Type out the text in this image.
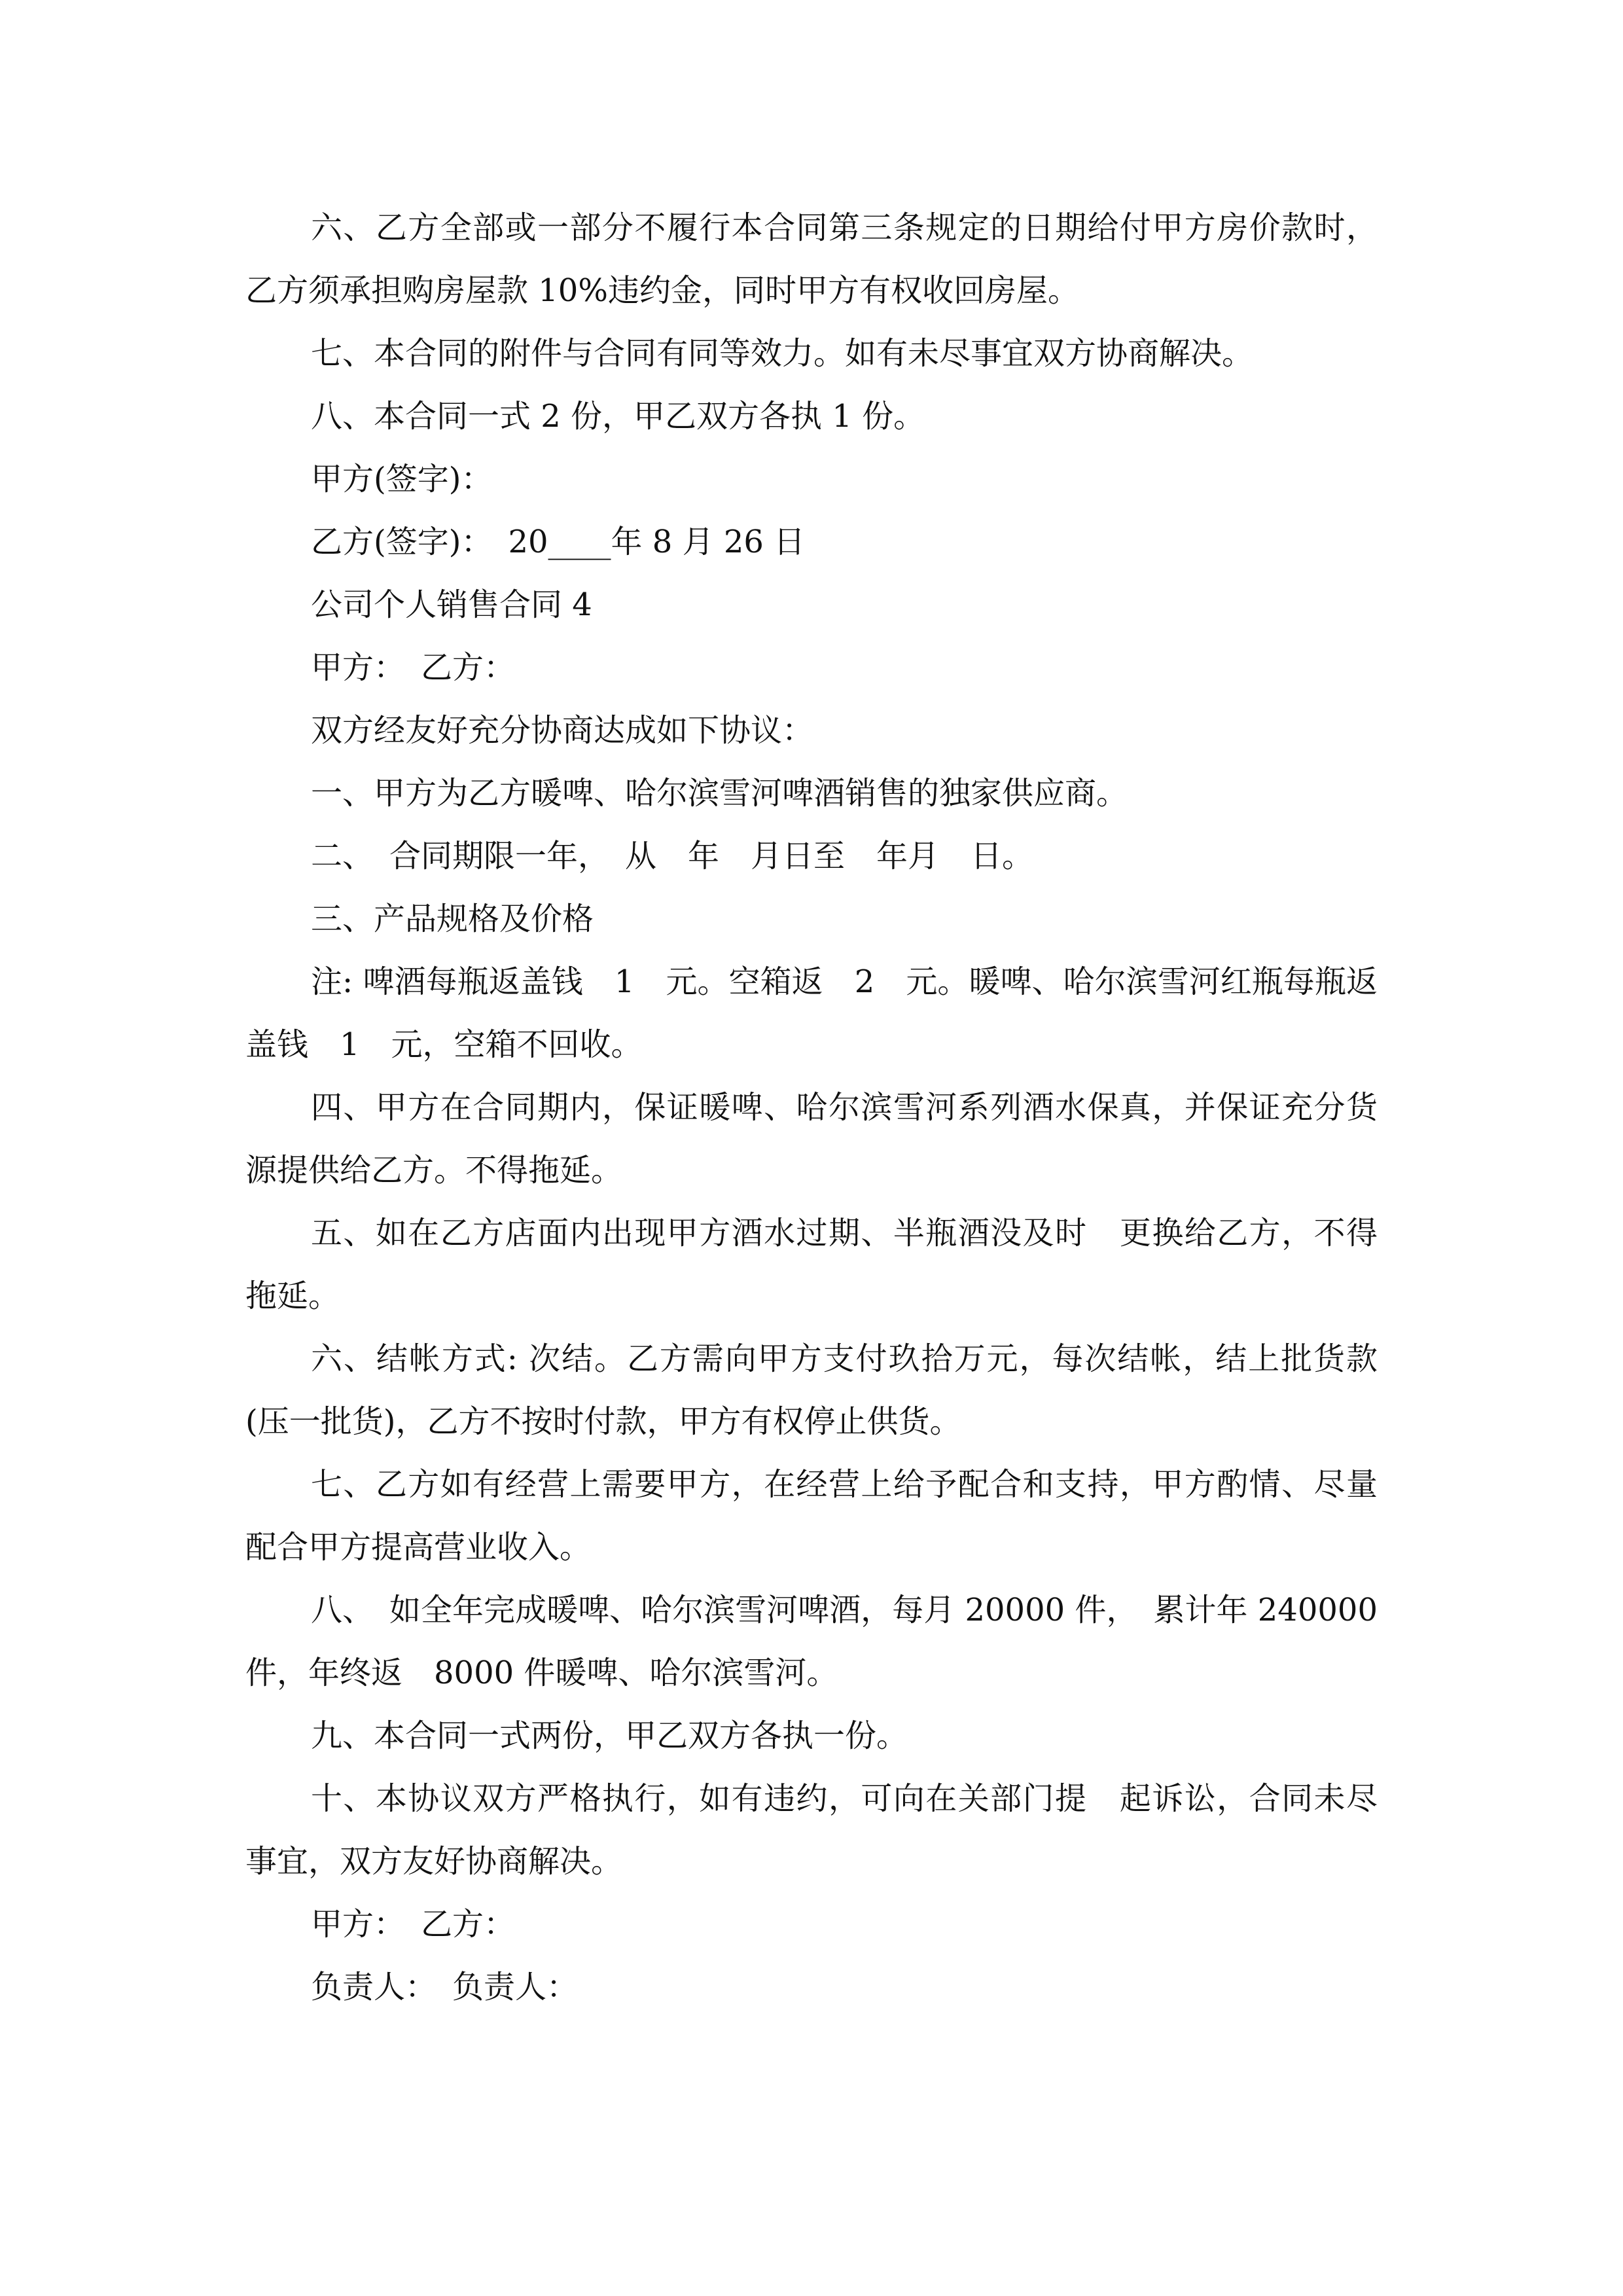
六、乙方全部或一部分不履行本合同第三条规定的日期给付甲方房价款时，乙方须承担购房屋款 10%违约金，同时甲方有权收回房屋。

七、本合同的附件与合同有同等效力。如有未尽事宜双方协商解决。

八、本合同一式 2 份，甲乙双方各执 1 份。

甲方(签字)：

乙方(签字)：　20____年 8 月 26 日

公司个人销售合同 4

甲方：　乙方：

双方经友好充分协商达成如下协议：

一、甲方为乙方暖啤、哈尔滨雪河啤酒销售的独家供应商。

二、　合同期限一年，　从　年　月日至　年月　日。

三、产品规格及价格

注: 啤酒每瓶返盖钱　1　元。空箱返　2　元。暖啤、哈尔滨雪河红瓶每瓶返盖钱　1　元，空箱不回收。

四、甲方在合同期内，保证暖啤、哈尔滨雪河系列酒水保真，并保证充分货源提供给乙方。不得拖延。

五、如在乙方店面内出现甲方酒水过期、半瓶酒没及时　更换给乙方，不得拖延。

六、结帐方式: 次结。乙方需向甲方支付玖拾万元，每次结帐，结上批货款(压一批货)，乙方不按时付款，甲方有权停止供货。

七、乙方如有经营上需要甲方，在经营上给予配合和支持，甲方酌情、尽量配合甲方提高营业收入。

八、　如全年完成暖啤、哈尔滨雪河啤酒，每月 20000 件，　累计年 240000 件，年终返　8000 件暖啤、哈尔滨雪河。

九、本合同一式两份，甲乙双方各执一份。

十、本协议双方严格执行，如有违约，可向在关部门提　起诉讼，合同未尽事宜，双方友好协商解决。

甲方：　乙方：

负责人：　负责人：
